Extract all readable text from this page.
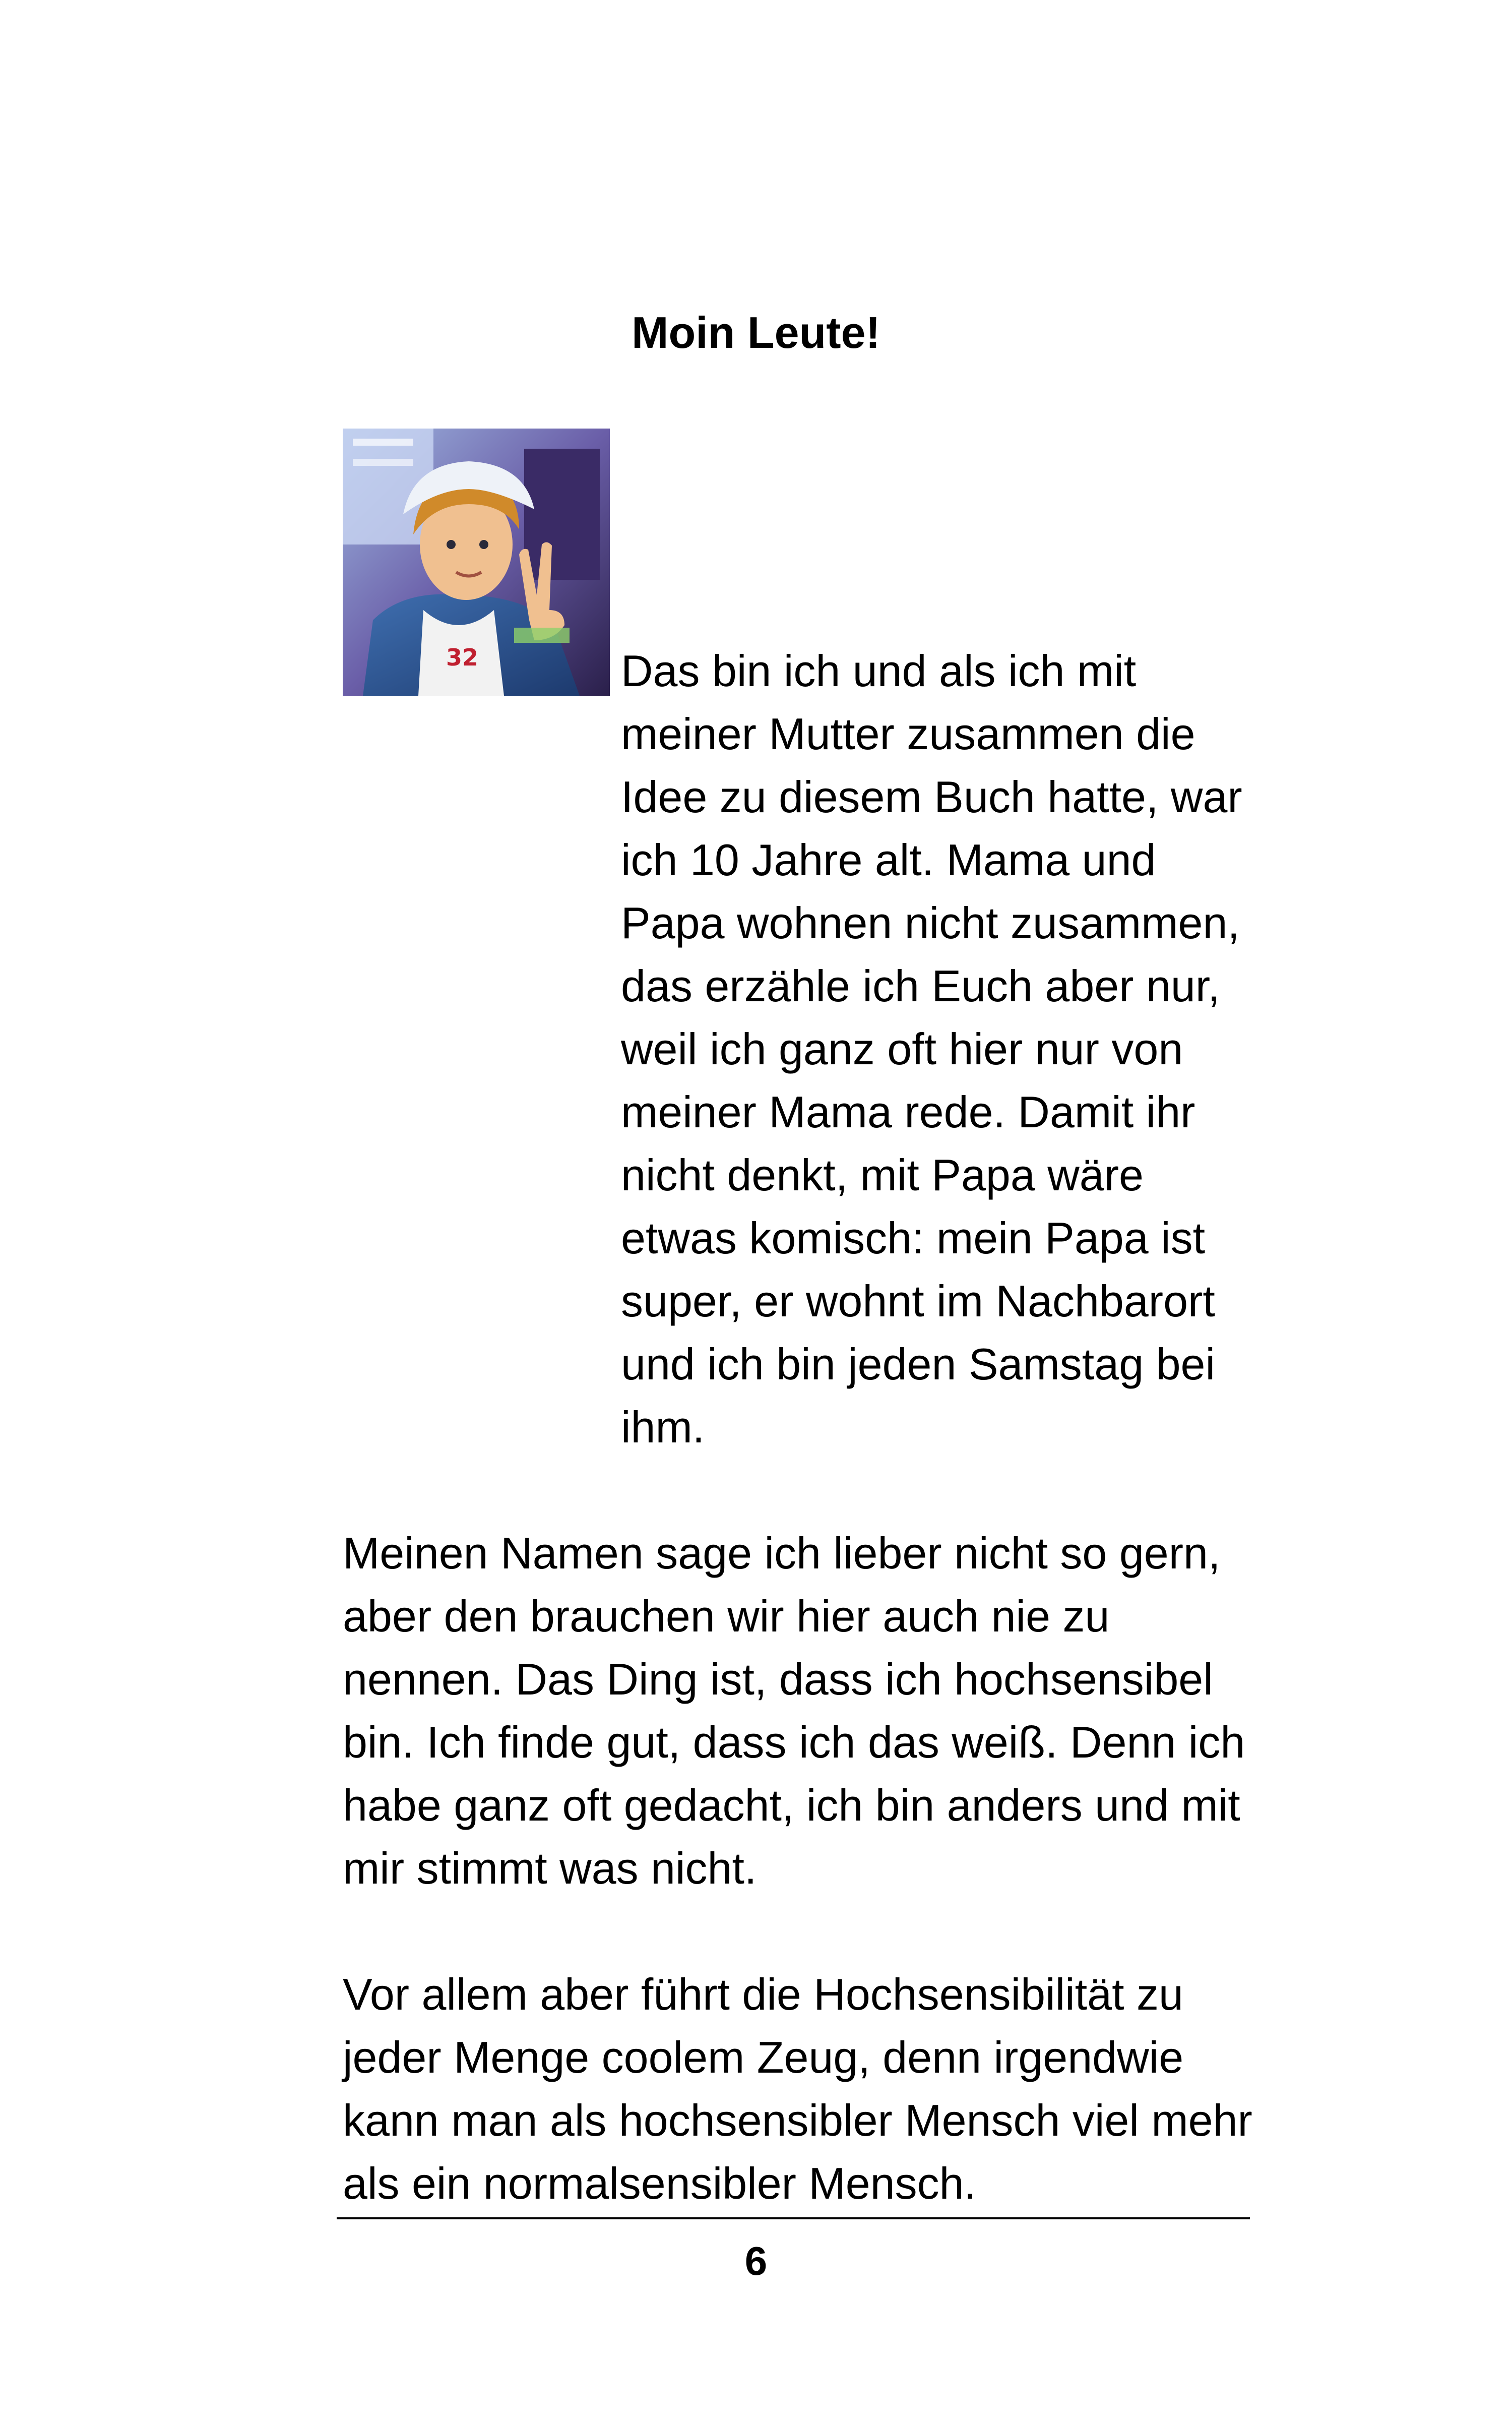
Moin Leute!
32	Das bin ich und als ich mit meiner Mutter zusammen die Idee zu diesem Buch hatte, war ich 10 Jahre alt. Mama und Papa wohnen nicht zusammen, das erzähle ich Euch aber nur, weil ich ganz oft hier nur von meiner Mama rede. Damit ihr nicht denkt, mit Papa wäre etwas komisch: mein Papa ist super, er wohnt im Nachbarort und ich bin jeden Samstag bei ihm.

Meinen Namen sage ich lieber nicht so gern, aber den brauchen wir hier auch nie zu nennen. Das Ding ist, dass ich hochsensibel bin. Ich finde gut, dass ich das weiß. Denn ich habe ganz oft gedacht, ich bin anders und mit mir stimmt was nicht.

Vor allem aber führt die Hochsensibilität zu jeder Menge coolem Zeug, denn irgendwie kann man als hochsensibler Mensch viel mehr als ein normalsensibler Mensch.

6
